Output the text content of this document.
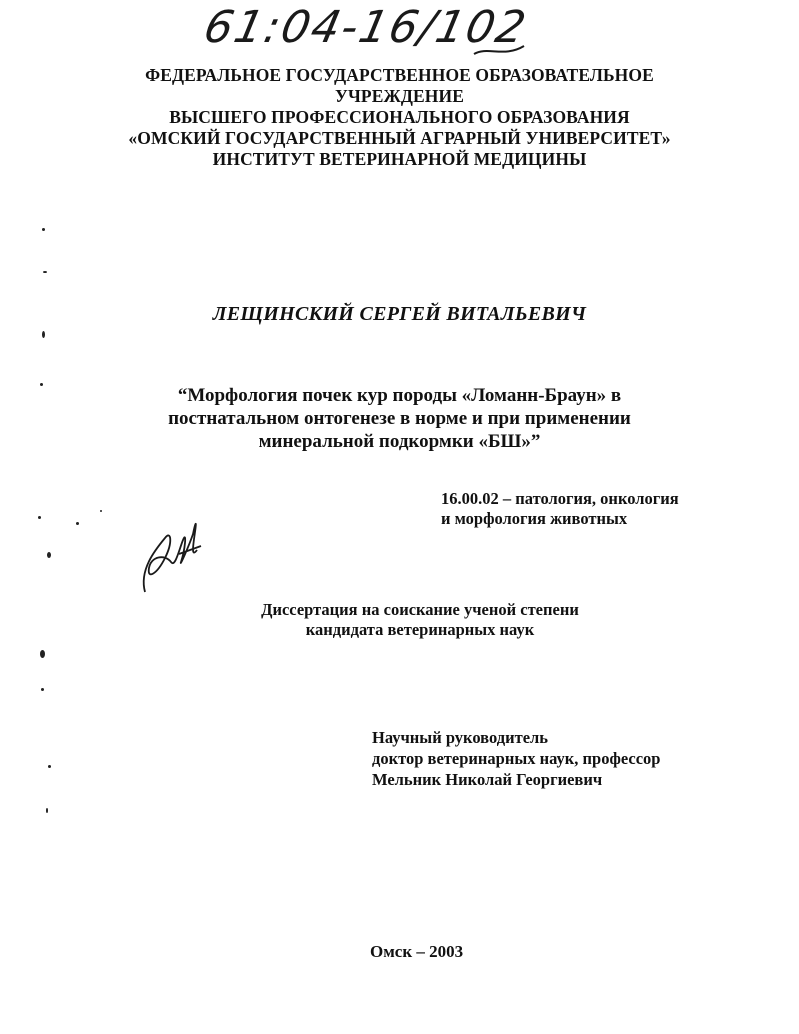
61:04-16/102
ФЕДЕРАЛЬНОЕ ГОСУДАРСТВЕННОЕ ОБРАЗОВАТЕЛЬНОЕ
УЧРЕЖДЕНИЕ
ВЫСШЕГО ПРОФЕССИОНАЛЬНОГО ОБРАЗОВАНИЯ
«ОМСКИЙ ГОСУДАРСТВЕННЫЙ АГРАРНЫЙ УНИВЕРСИТЕТ»
ИНСТИТУТ ВЕТЕРИНАРНОЙ МЕДИЦИНЫ
ЛЕЩИНСКИЙ СЕРГЕЙ ВИТАЛЬЕВИЧ
“Морфология почек кур породы «Ломанн-Браун» в
постнатальном онтогенезе в норме и при применении
минеральной подкормки «БШ»”
16.00.02 – патология, онкология
и морфология животных
Диссертация на соискание ученой степени
кандидата ветеринарных наук
Научный руководитель
доктор ветеринарных наук, профессор
Мельник Николай Георгиевич
Омск – 2003
